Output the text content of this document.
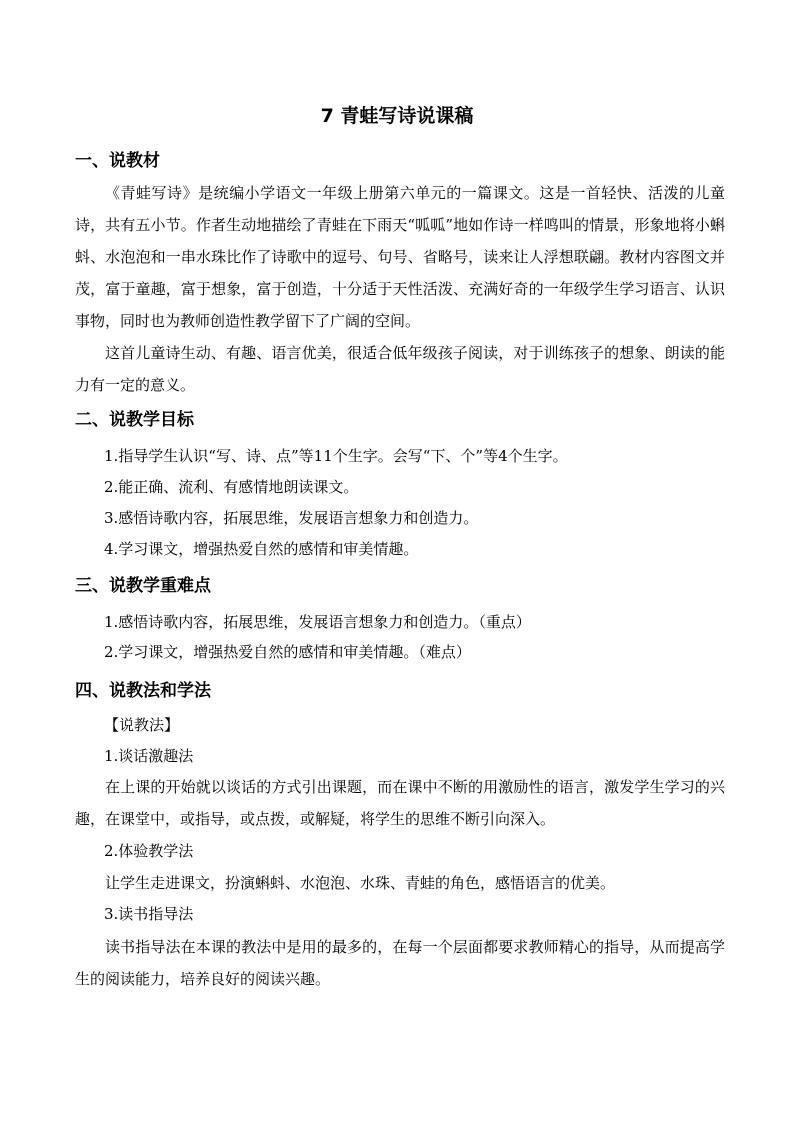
7 青蛙写诗说课稿
一、说教材
《青蛙写诗》是统编小学语文一年级上册第六单元的一篇课文。这是一首轻快、活泼的儿童诗，共有五小节。作者生动地描绘了青蛙在下雨天“呱呱”地如作诗一样鸣叫的情景，形象地将小蝌蚪、水泡泡和一串水珠比作了诗歌中的逗号、句号、省略号，读来让人浮想联翩。教材内容图文并茂，富于童趣，富于想象，富于创造，十分适于天性活泼、充满好奇的一年级学生学习语言、认识事物，同时也为教师创造性教学留下了广阔的空间。
这首儿童诗生动、有趣、语言优美，很适合低年级孩子阅读，对于训练孩子的想象、朗读的能力有一定的意义。
二、说教学目标
1.指导学生认识“写、诗、点”等11个生字。会写“下、个”等4个生字。
2.能正确、流利、有感情地朗读课文。
3.感悟诗歌内容，拓展思维，发展语言想象力和创造力。
4.学习课文，增强热爱自然的感情和审美情趣。
三、说教学重难点
1.感悟诗歌内容，拓展思维，发展语言想象力和创造力。（重点）
2.学习课文，增强热爱自然的感情和审美情趣。（难点）
四、说教法和学法
【说教法】
1.谈话激趣法
在上课的开始就以谈话的方式引出课题，而在课中不断的用激励性的语言，激发学生学习的兴趣，在课堂中，或指导，或点拨，或解疑，将学生的思维不断引向深入。
2.体验教学法
让学生走进课文，扮演蝌蚪、水泡泡、水珠、青蛙的角色，感悟语言的优美。
3.读书指导法
读书指导法在本课的教法中是用的最多的，在每一个层面都要求教师精心的指导，从而提高学生的阅读能力，培养良好的阅读兴趣。
